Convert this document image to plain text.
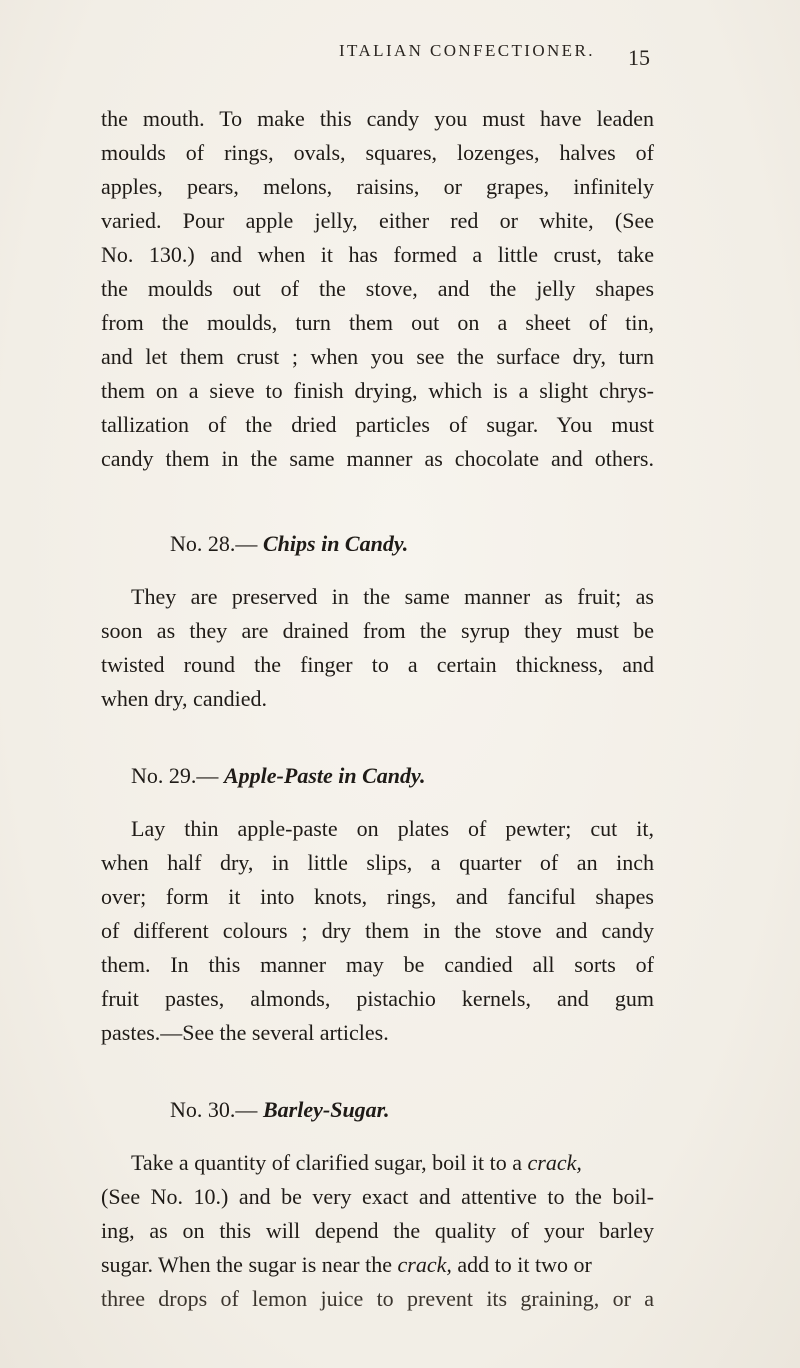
ITALIAN CONFECTIONER. 15
the mouth. To make this candy you must have leaden
moulds of rings, ovals, squares, lozenges, halves of
apples, pears, melons, raisins, or grapes, infinitely
varied. Pour apple jelly, either red or white, (See
No. 130.) and when it has formed a little crust, take
the moulds out of the stove, and the jelly shapes
from the moulds, turn them out on a sheet of tin,
and let them crust ; when you see the surface dry, turn
them on a sieve to finish drying, which is a slight chrys-
tallization of the dried particles of sugar. You must
candy them in the same manner as chocolate and others.
No. 28.— Chips in Candy.
They are preserved in the same manner as fruit; as
soon as they are drained from the syrup they must be
twisted round the finger to a certain thickness, and
when dry, candied.
No. 29.— Apple-Paste in Candy.
Lay thin apple-paste on plates of pewter; cut it,
when half dry, in little slips, a quarter of an inch
over; form it into knots, rings, and fanciful shapes
of different colours ; dry them in the stove and candy
them. In this manner may be candied all sorts of
fruit pastes, almonds, pistachio kernels, and gum
pastes.—See the several articles.
No. 30.— Barley-Sugar.
Take a quantity of clarified sugar, boil it to a crack,
(See No. 10.) and be very exact and attentive to the boil-
ing, as on this will depend the quality of your barley
sugar. When the sugar is near the crack, add to it two or
three drops of lemon juice to prevent its graining, or a
